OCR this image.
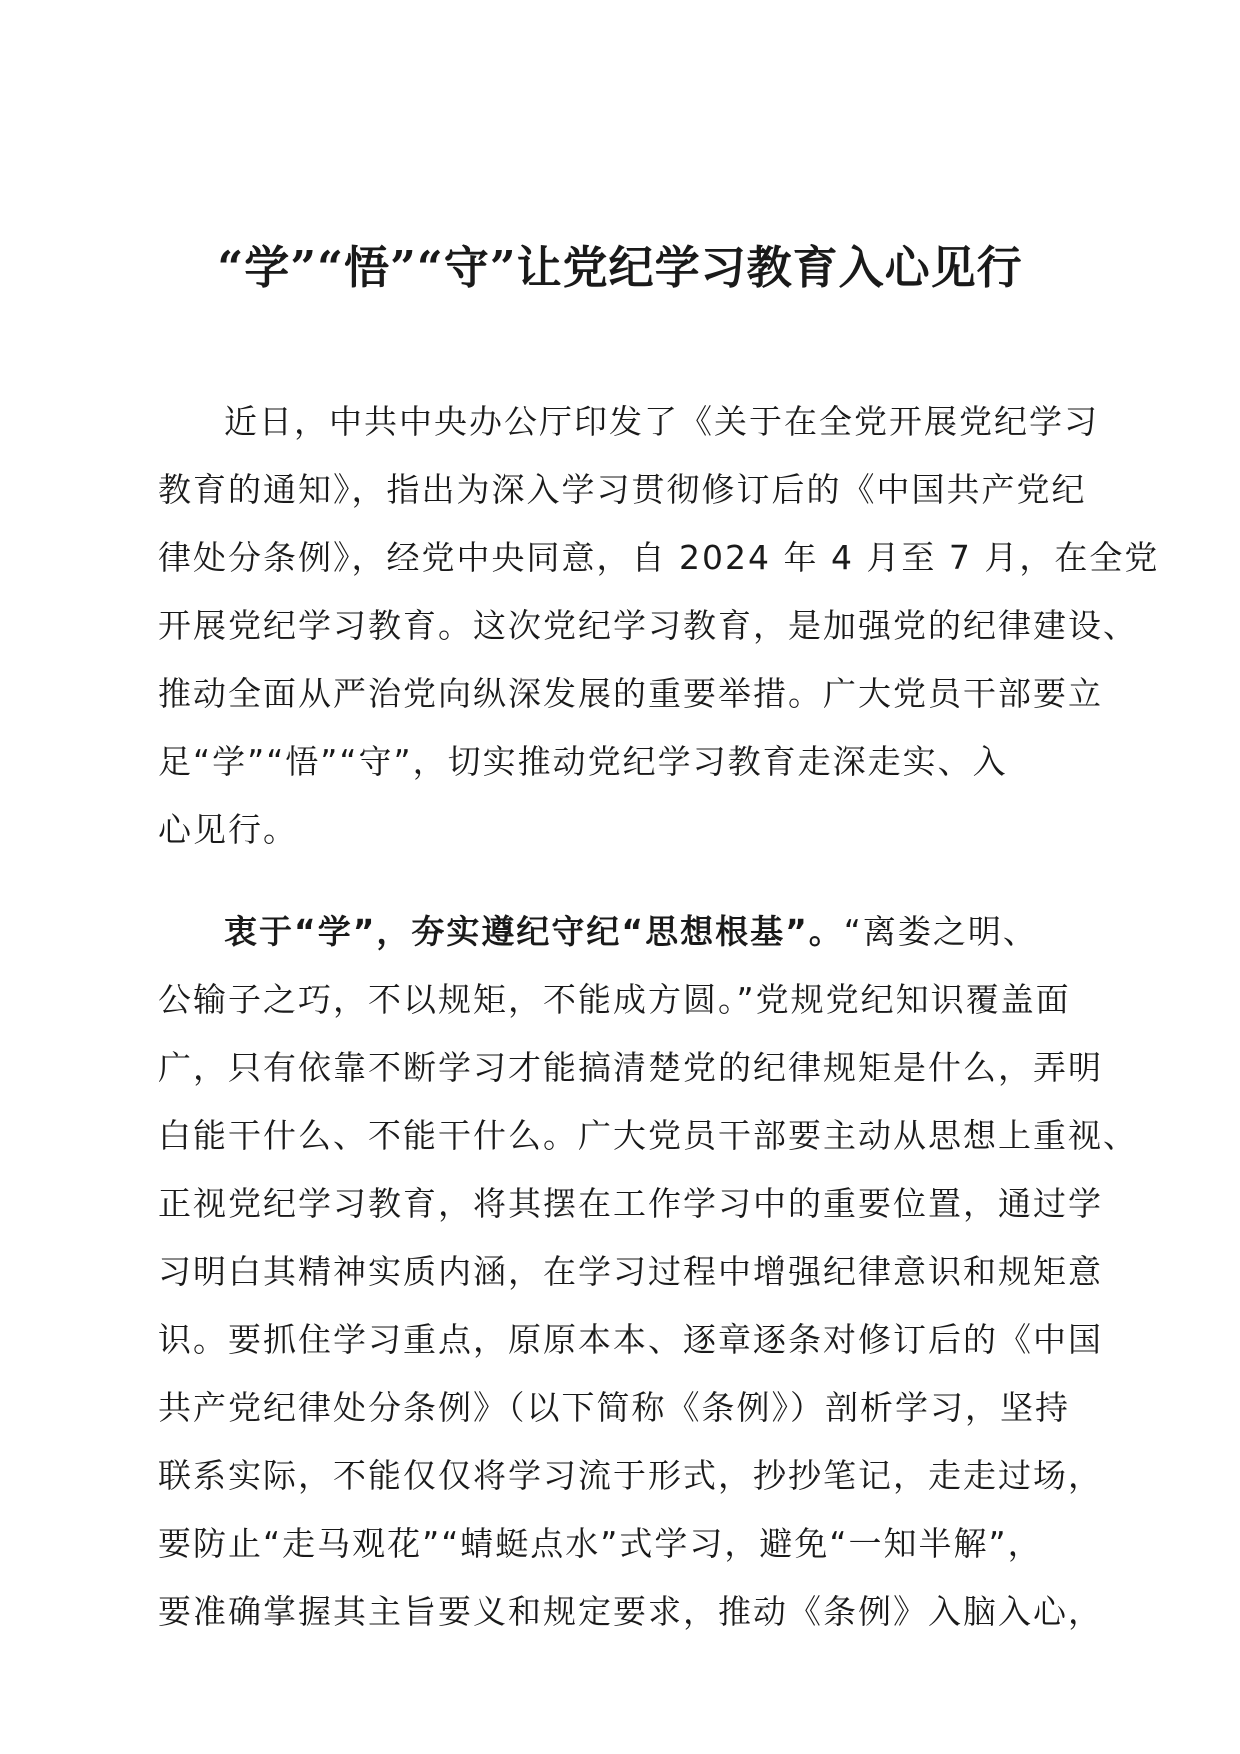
“学”“悟”“守”让党纪学习教育入心见行
近日，中共中央办公厅印发了《关于在全党开展党纪学习
教育的通知》，指出为深入学习贯彻修订后的《中国共产党纪
律处分条例》，经党中央同意，自 2024 年 4 月至 7 月，在全党
开展党纪学习教育。这次党纪学习教育，是加强党的纪律建设、
推动全面从严治党向纵深发展的重要举措。广大党员干部要立
足“学”“悟”“守”，切实推动党纪学习教育走深走实、入
心见行。
衷于“学”，夯实遵纪守纪“思想根基”。“离娄之明、
公输子之巧，不以规矩，不能成方圆。”党规党纪知识覆盖面
广，只有依靠不断学习才能搞清楚党的纪律规矩是什么，弄明
白能干什么、不能干什么。广大党员干部要主动从思想上重视、
正视党纪学习教育，将其摆在工作学习中的重要位置，通过学
习明白其精神实质内涵，在学习过程中增强纪律意识和规矩意
识。要抓住学习重点，原原本本、逐章逐条对修订后的《中国
共产党纪律处分条例》（以下简称《条例》）剖析学习，坚持
联系实际，不能仅仅将学习流于形式，抄抄笔记，走走过场，
要防止“走马观花”“蜻蜓点水”式学习，避免“一知半解”，
要准确掌握其主旨要义和规定要求，推动《条例》入脑入心，
